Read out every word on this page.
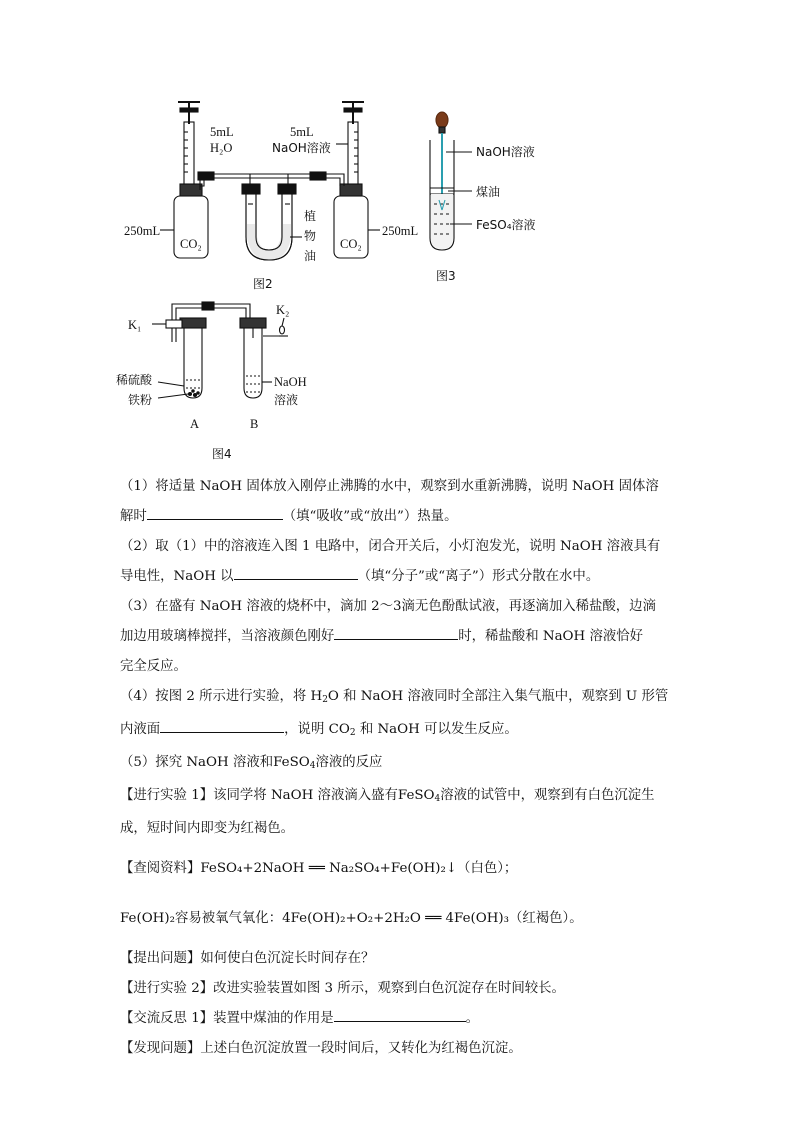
5mL
H₂O
5mL
NaOH溶液
250mL	250mL
CO₂	CO₂
植
物
油
图2
NaOH溶液
煤油
FeSO₄溶液
图3
K₁
K₂
稀硫酸
铁粉
NaOH
溶液
A	B
图4

（1）将适量 NaOH 固体放入刚停止沸腾的水中，观察到水重新沸腾，说明 NaOH 固体溶

解时	（填“吸收”或“放出”）热量。

（2）取（1）中的溶液连入图 1 电路中，闭合开关后，小灯泡发光，说明 NaOH 溶液具有

导电性，NaOH 以	（填“分子”或“离子”）形式分散在水中。

（3）在盛有 NaOH 溶液的烧杯中，滴加 2～3滴无色酚酞试液，再逐滴加入稀盐酸，边滴

加边用玻璃棒搅拌，当溶液颜色刚好	时，稀盐酸和 NaOH 溶液恰好

完全反应。

（4）按图 2 所示进行实验，将 $H_2O$ 和 NaOH 溶液同时全部注入集气瓶中，观察到 U 形管

内液面	，说明 $CO_2$ 和 NaOH 可以发生反应。

（5）探究 NaOH 溶液和FeSO$_4$溶液的反应

【进行实验 1】该同学将 NaOH 溶液滴入盛有FeSO$_4$溶液的试管中，观察到有白色沉淀生

成，短时间内即变为红褐色。

【查阅资料】FeSO₄+2NaOH ══ Na₂SO₄+Fe(OH)₂↓（白色）；

Fe(OH)₂容易被氧气氧化：4Fe(OH)₂+O₂+2H₂O ══ 4Fe(OH)₃（红褐色）。

【提出问题】如何使白色沉淀长时间存在？

【进行实验 2】改进实验装置如图 3 所示，观察到白色沉淀存在时间较长。

【交流反思 1】装置中煤油的作用是	。

【发现问题】上述白色沉淀放置一段时间后，又转化为红褐色沉淀。
